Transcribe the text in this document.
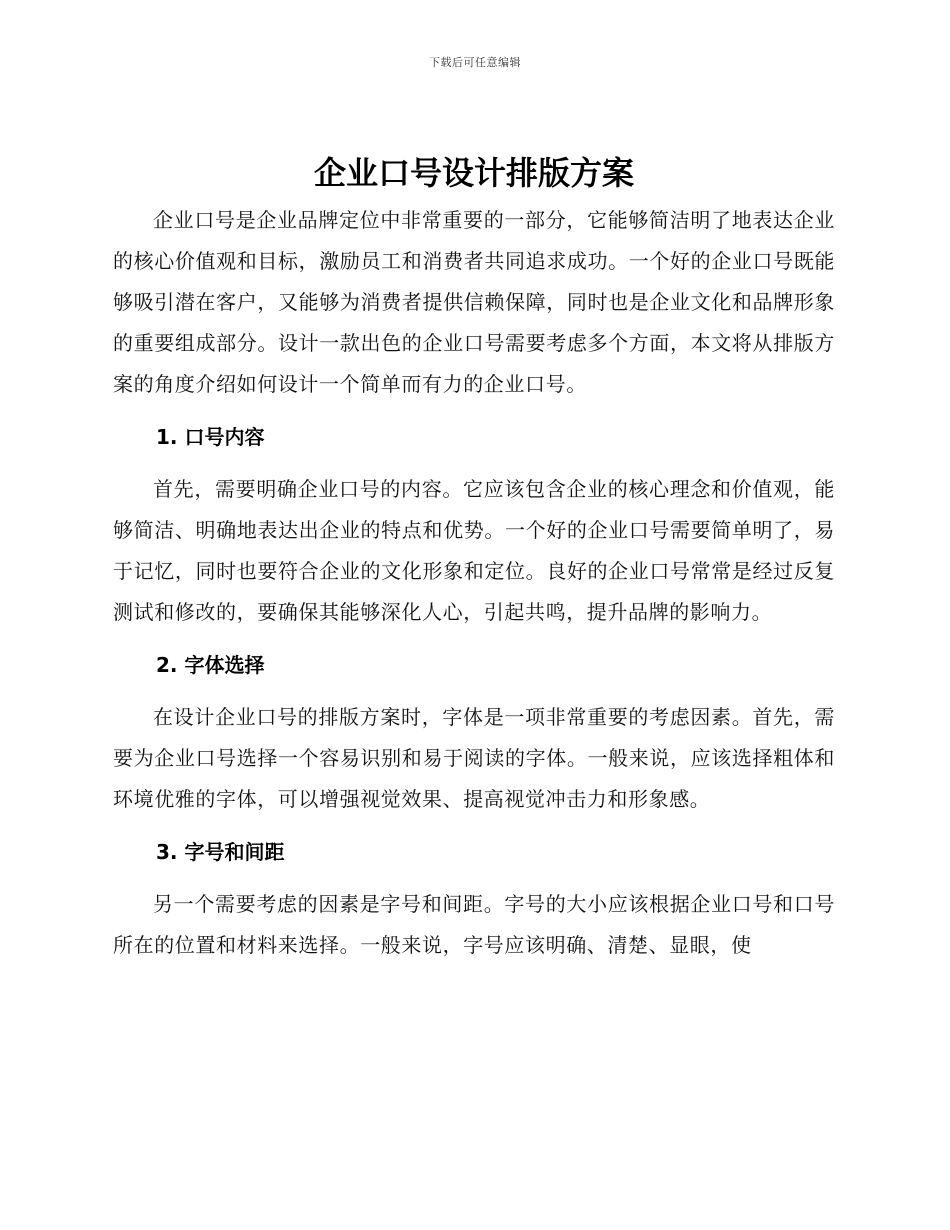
下载后可任意编辑
企业口号设计排版方案

企业口号是企业品牌定位中非常重要的一部分，它能够简洁明了地表达企业的核心价值观和目标，激励员工和消费者共同追求成功。一个好的企业口号既能够吸引潜在客户，又能够为消费者提供信赖保障，同时也是企业文化和品牌形象的重要组成部分。设计一款出色的企业口号需要考虑多个方面，本文将从排版方案的角度介绍如何设计一个简单而有力的企业口号。

1. 口号内容

首先，需要明确企业口号的内容。它应该包含企业的核心理念和价值观，能够简洁、明确地表达出企业的特点和优势。一个好的企业口号需要简单明了，易于记忆，同时也要符合企业的文化形象和定位。良好的企业口号常常是经过反复测试和修改的，要确保其能够深化人心，引起共鸣，提升品牌的影响力。

2. 字体选择

在设计企业口号的排版方案时，字体是一项非常重要的考虑因素。首先，需要为企业口号选择一个容易识别和易于阅读的字体。一般来说，应该选择粗体和环境优雅的字体，可以增强视觉效果、提高视觉冲击力和形象感。

3. 字号和间距

另一个需要考虑的因素是字号和间距。字号的大小应该根据企业口号和口号所在的位置和材料来选择。一般来说，字号应该明确、清楚、显眼，使
